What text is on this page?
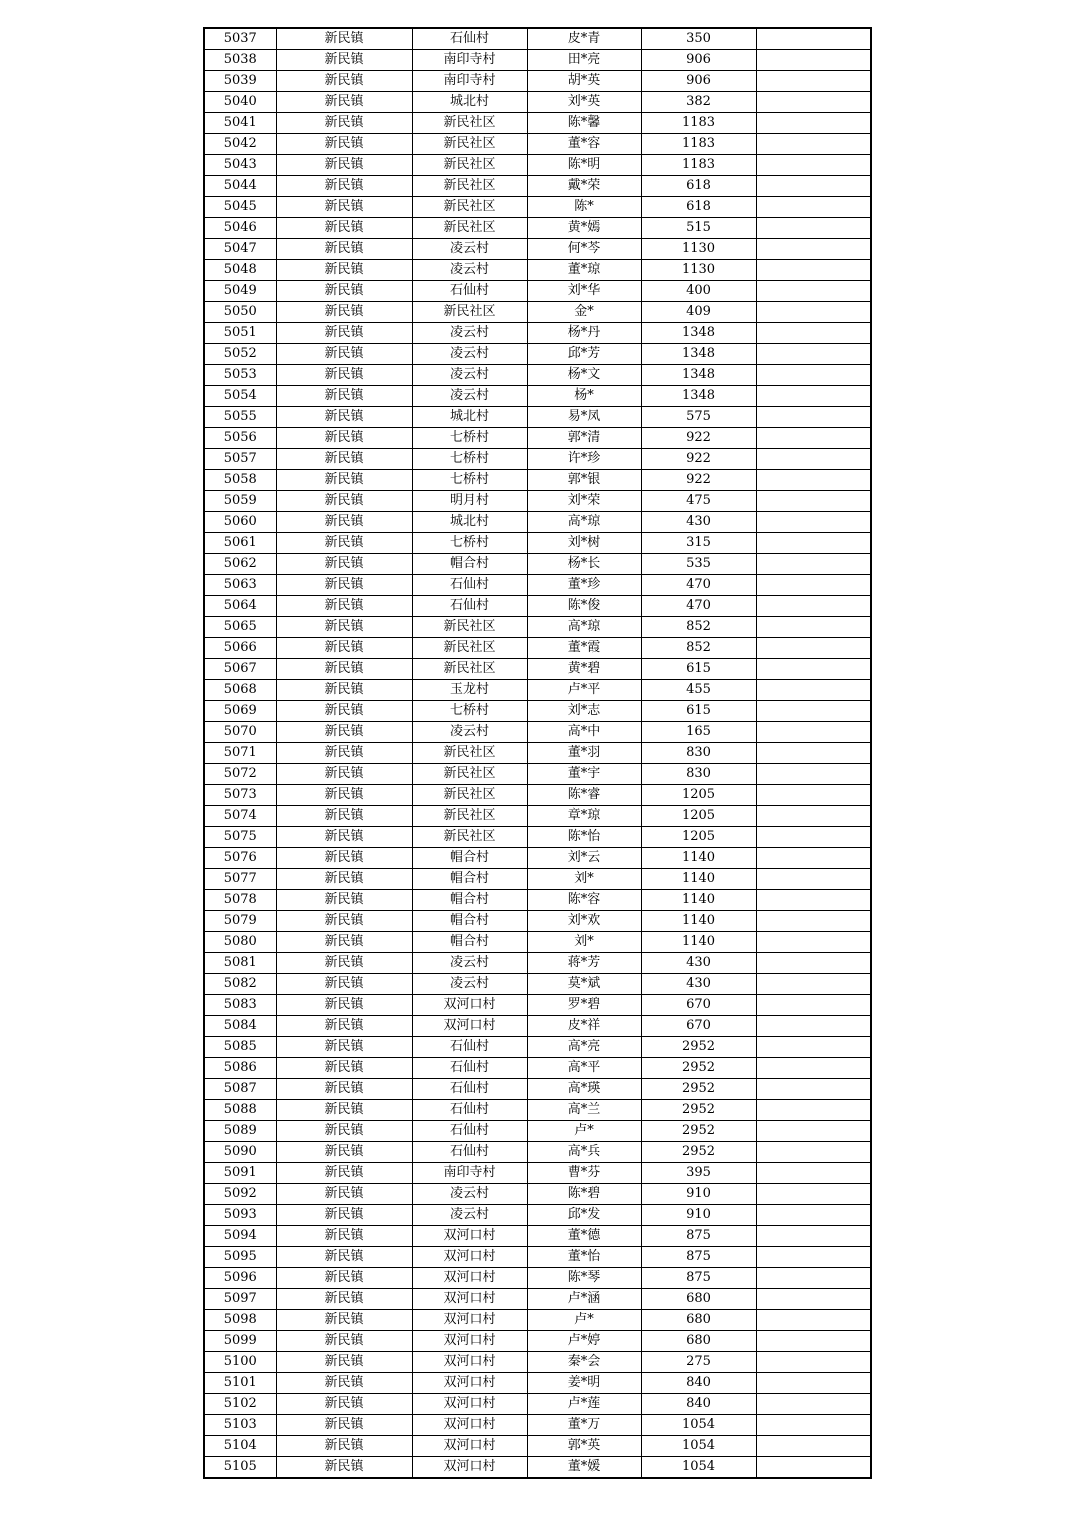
5037	新民镇	石仙村	皮*青	350	
5038	新民镇	南印寺村	田*亮	906	
5039	新民镇	南印寺村	胡*英	906	
5040	新民镇	城北村	刘*英	382	
5041	新民镇	新民社区	陈*馨	1183	
5042	新民镇	新民社区	董*容	1183	
5043	新民镇	新民社区	陈*明	1183	
5044	新民镇	新民社区	戴*荣	618	
5045	新民镇	新民社区	陈*	618	
5046	新民镇	新民社区	黄*嫣	515	
5047	新民镇	凌云村	何*芩	1130	
5048	新民镇	凌云村	董*琼	1130	
5049	新民镇	石仙村	刘*华	400	
5050	新民镇	新民社区	金*	409	
5051	新民镇	凌云村	杨*丹	1348	
5052	新民镇	凌云村	邱*芳	1348	
5053	新民镇	凌云村	杨*文	1348	
5054	新民镇	凌云村	杨*	1348	
5055	新民镇	城北村	易*凤	575	
5056	新民镇	七桥村	郭*清	922	
5057	新民镇	七桥村	许*珍	922	
5058	新民镇	七桥村	郭*银	922	
5059	新民镇	明月村	刘*荣	475	
5060	新民镇	城北村	高*琼	430	
5061	新民镇	七桥村	刘*树	315	
5062	新民镇	帽合村	杨*长	535	
5063	新民镇	石仙村	董*珍	470	
5064	新民镇	石仙村	陈*俊	470	
5065	新民镇	新民社区	高*琼	852	
5066	新民镇	新民社区	董*霞	852	
5067	新民镇	新民社区	黄*碧	615	
5068	新民镇	玉龙村	卢*平	455	
5069	新民镇	七桥村	刘*志	615	
5070	新民镇	凌云村	高*中	165	
5071	新民镇	新民社区	董*羽	830	
5072	新民镇	新民社区	董*宇	830	
5073	新民镇	新民社区	陈*睿	1205	
5074	新民镇	新民社区	章*琼	1205	
5075	新民镇	新民社区	陈*怡	1205	
5076	新民镇	帽合村	刘*云	1140	
5077	新民镇	帽合村	刘*	1140	
5078	新民镇	帽合村	陈*容	1140	
5079	新民镇	帽合村	刘*欢	1140	
5080	新民镇	帽合村	刘*	1140	
5081	新民镇	凌云村	蒋*芳	430	
5082	新民镇	凌云村	莫*斌	430	
5083	新民镇	双河口村	罗*碧	670	
5084	新民镇	双河口村	皮*祥	670	
5085	新民镇	石仙村	高*亮	2952	
5086	新民镇	石仙村	高*平	2952	
5087	新民镇	石仙村	高*瑛	2952	
5088	新民镇	石仙村	高*兰	2952	
5089	新民镇	石仙村	卢*	2952	
5090	新民镇	石仙村	高*兵	2952	
5091	新民镇	南印寺村	曹*芬	395	
5092	新民镇	凌云村	陈*碧	910	
5093	新民镇	凌云村	邱*发	910	
5094	新民镇	双河口村	董*德	875	
5095	新民镇	双河口村	董*怡	875	
5096	新民镇	双河口村	陈*琴	875	
5097	新民镇	双河口村	卢*涵	680	
5098	新民镇	双河口村	卢*	680	
5099	新民镇	双河口村	卢*婷	680	
5100	新民镇	双河口村	秦*会	275	
5101	新民镇	双河口村	姜*明	840	
5102	新民镇	双河口村	卢*莲	840	
5103	新民镇	双河口村	董*万	1054	
5104	新民镇	双河口村	郭*英	1054	
5105	新民镇	双河口村	董*媛	1054	
